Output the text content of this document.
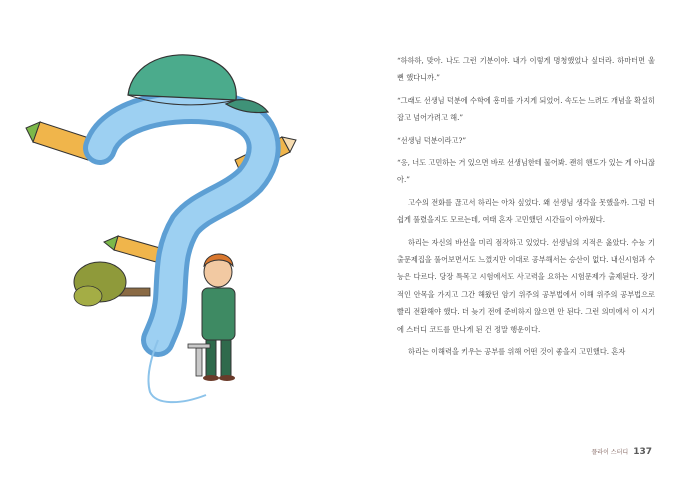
“하하하, 맞아. 나도 그런 기분이야. 내가 이렇게 명청했었나 싶더라. 하마터면 울 뻔 했다니까.”

“그래도 선생님 덕분에 수학에 흥미를 가지게 되었어. 속도는 느려도 개념을 확실히 잡고 넘어가려고 해.”

“선생님 덕분이라고?”

“응, 너도 고민하는 거 있으면 바로 선생님한테 물어봐. 괜히 핸도가 있는 게 아니잖아.”

고수의 전화를 끊고서 하리는 아차 싶었다. 왜 선생님 생각을 못했을까. 그럼 더 쉽게 풀렸을지도 모르는데, 여태 혼자 고민했던 시간들이 아까웠다.

하리는 자신의 바선을 미리 점작하고 있었다. 선생님의 지적은 옳았다. 수능 기출문제집을 풀어보면서도 느꼈지만 이대로 공부해서는 승산이 없다. 내신시험과 수능은 다르다. 당장 특목고 시험에서도 사고력을 요하는 시험문제가 출제된다. 장기적인 안목을 가지고 그간 해왔던 암기 위주의 공부법에서 이해 위주의 공부법으로 빨리 전환해야 했다. 더 늦기 전에 준비하지 않으면 안 된다. 그런 의미에서 이 시기에 스터디 코드를 만나게 된 건 정말 행운이다.

하리는 이해력을 키우는 공부를 위해 어떤 것이 좋을지 고민했다. 혼자

플라이 스터디 137
